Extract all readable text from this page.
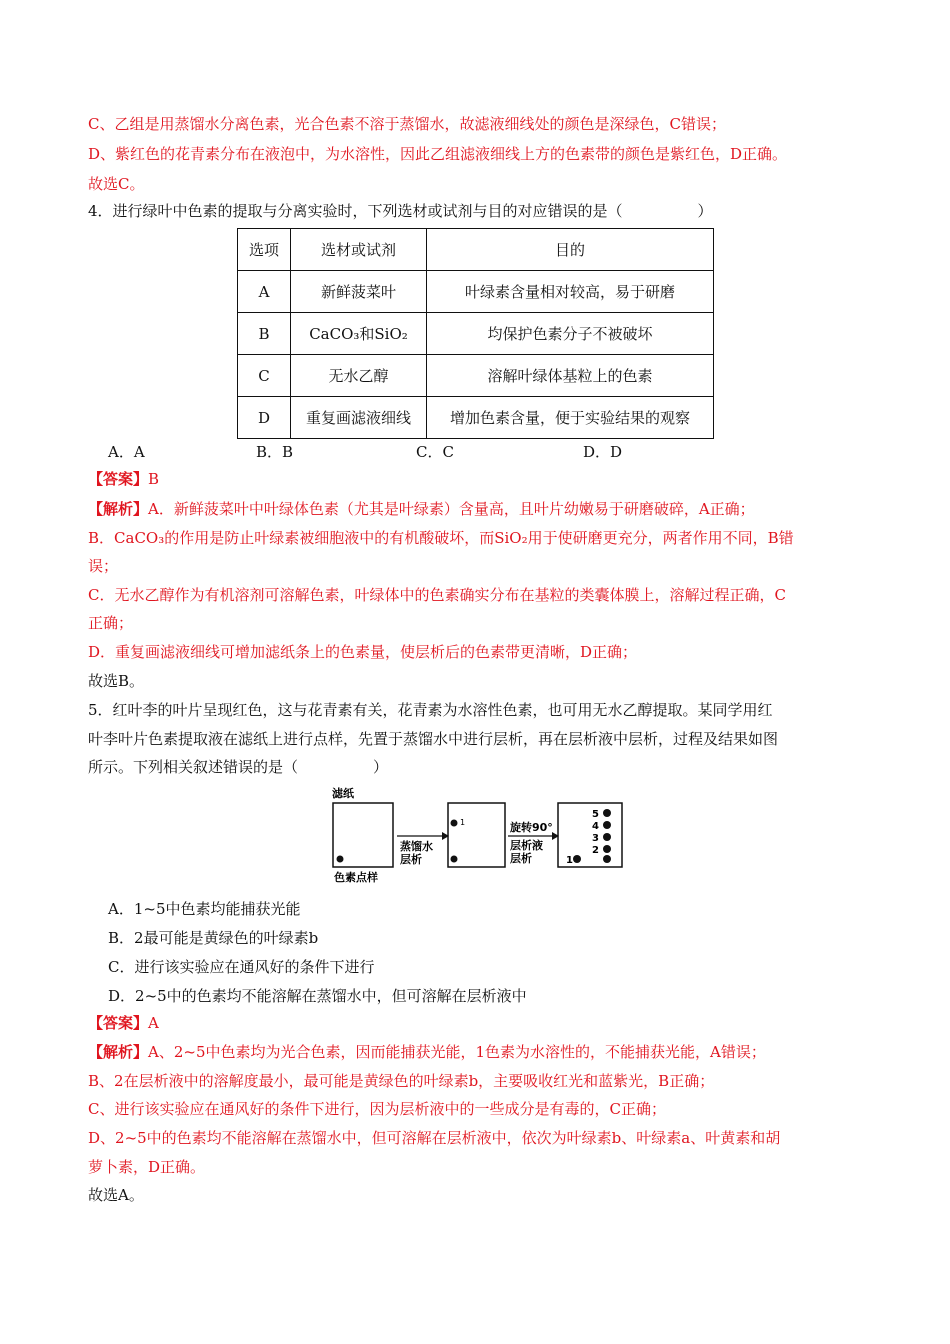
C、乙组是用蒸馏水分离色素，光合色素不溶于蒸馏水，故滤液细线处的颜色是深绿色，C错误；
D、紫红色的花青素分布在液泡中，为水溶性，因此乙组滤液细线上方的色素带的颜色是紫红色，D正确。
故选C。
4．进行绿叶中色素的提取与分离实验时，下列选材或试剂与目的对应错误的是（　　　　　）
选项	选材或试剂	目的
A	新鲜菠菜叶	叶绿素含量相对较高，易于研磨
B	CaCO₃和SiO₂	均保护色素分子不被破坏
C	无水乙醇	溶解叶绿体基粒上的色素
D	重复画滤液细线	增加色素含量，便于实验结果的观察
A．A	B．B	C．C	D．D
【答案】B
【解析】A．新鲜菠菜叶中叶绿体色素（尤其是叶绿素）含量高，且叶片幼嫩易于研磨破碎，A正确；
B．CaCO₃的作用是防止叶绿素被细胞液中的有机酸破坏，而SiO₂用于使研磨更充分，两者作用不同，B错
误；
C．无水乙醇作为有机溶剂可溶解色素，叶绿体中的色素确实分布在基粒的类囊体膜上，溶解过程正确，C
正确；
D．重复画滤液细线可增加滤纸条上的色素量，使层析后的色素带更清晰，D正确；
故选B。
5．红叶李的叶片呈现红色，这与花青素有关，花青素为水溶性色素，也可用无水乙醇提取。某同学用红
叶李叶片色素提取液在滤纸上进行点样，先置于蒸馏水中进行层析，再在层析液中层析，过程及结果如图
所示。下列相关叙述错误的是（　　　　　）
滤纸
色素点样
蒸馏水
层析
1	旋转90°
层析液
层析
5
4
3
2
1
A．1~5中色素均能捕获光能
B．2最可能是黄绿色的叶绿素b
C．进行该实验应在通风好的条件下进行
D．2~5中的色素均不能溶解在蒸馏水中，但可溶解在层析液中
【答案】A
【解析】A、2~5中色素均为光合色素，因而能捕获光能，1色素为水溶性的，不能捕获光能，A错误；
B、2在层析液中的溶解度最小，最可能是黄绿色的叶绿素b，主要吸收红光和蓝紫光，B正确；
C、进行该实验应在通风好的条件下进行，因为层析液中的一些成分是有毒的，C正确；
D、2~5中的色素均不能溶解在蒸馏水中，但可溶解在层析液中，依次为叶绿素b、叶绿素a、叶黄素和胡
萝卜素，D正确。
故选A。
